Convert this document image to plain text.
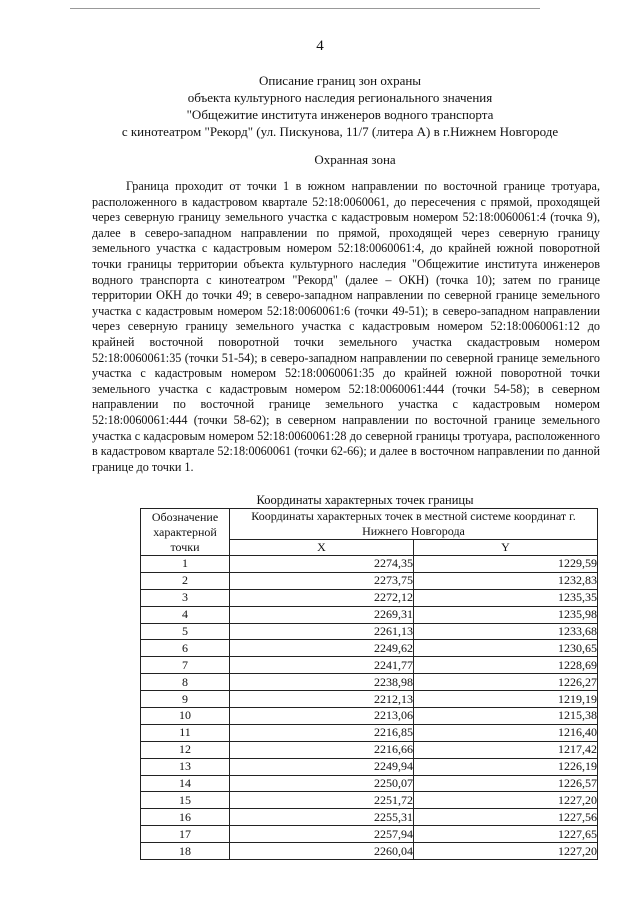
4
Описание границ зон охраны
объекта культурного наследия регионального значения
"Общежитие института инженеров водного транспорта
с кинотеатром "Рекорд" (ул. Пискунова, 11/7 (литера А) в г.Нижнем Новгороде
Охранная зона

Граница проходит от точки 1 в южном направлении по восточной границе тротуара, расположенного в кадастровом квартале 52:18:0060061, до пересечения с прямой, проходящей через северную границу земельного участка с кадастровым номером 52:18:0060061:4 (точка 9), далее в северо-западном направлении по прямой, проходящей через северную границу земельного участка с кадастровым номером 52:18:0060061:4, до крайней южной поворотной точки границы территории объекта культурного наследия "Общежитие института инженеров водного транспорта с кинотеатром "Рекорд" (далее – ОКН) (точка 10); затем по границе территории ОКН до точки 49; в северо-западном направлении по северной границе земельного участка с кадастровым номером 52:18:0060061:6 (точки 49-51); в северо-западном направлении через северную границу земельного участка с кадастровым номером 52:18:0060061:12 до крайней восточной поворотной точки земельного участка скадастровым номером 52:18:0060061:35 (точки 51-54); в северо-западном направлении по северной границе земельного участка с кадастровым номером 52:18:0060061:35 до крайней южной поворотной точки земельного участка с кадастровым номером 52:18:0060061:444 (точки 54-58); в северном направлении по восточной границе земельного участка с кадастровым номером 52:18:0060061:444 (точки 58-62); в северном направлении по восточной границе земельного участка с кадасровым номером 52:18:0060061:28 до северной границы тротуара, расположенного в кадастровом квартале 52:18:0060061 (точки 62-66); и далее в восточном направлении по данной границе до точки 1.

Координаты характерных точек границы
Обозначение характерной точки	Координаты характерных точек в местной системе координат г. Нижнего Новгорода	
	X	Y
1	2274,35	1229,59
2	2273,75	1232,83
3	2272,12	1235,35
4	2269,31	1235,98
5	2261,13	1233,68
6	2249,62	1230,65
7	2241,77	1228,69
8	2238,98	1226,27
9	2212,13	1219,19
10	2213,06	1215,38
11	2216,85	1216,40
12	2216,66	1217,42
13	2249,94	1226,19
14	2250,07	1226,57
15	2251,72	1227,20
16	2255,31	1227,56
17	2257,94	1227,65
18	2260,04	1227,20
